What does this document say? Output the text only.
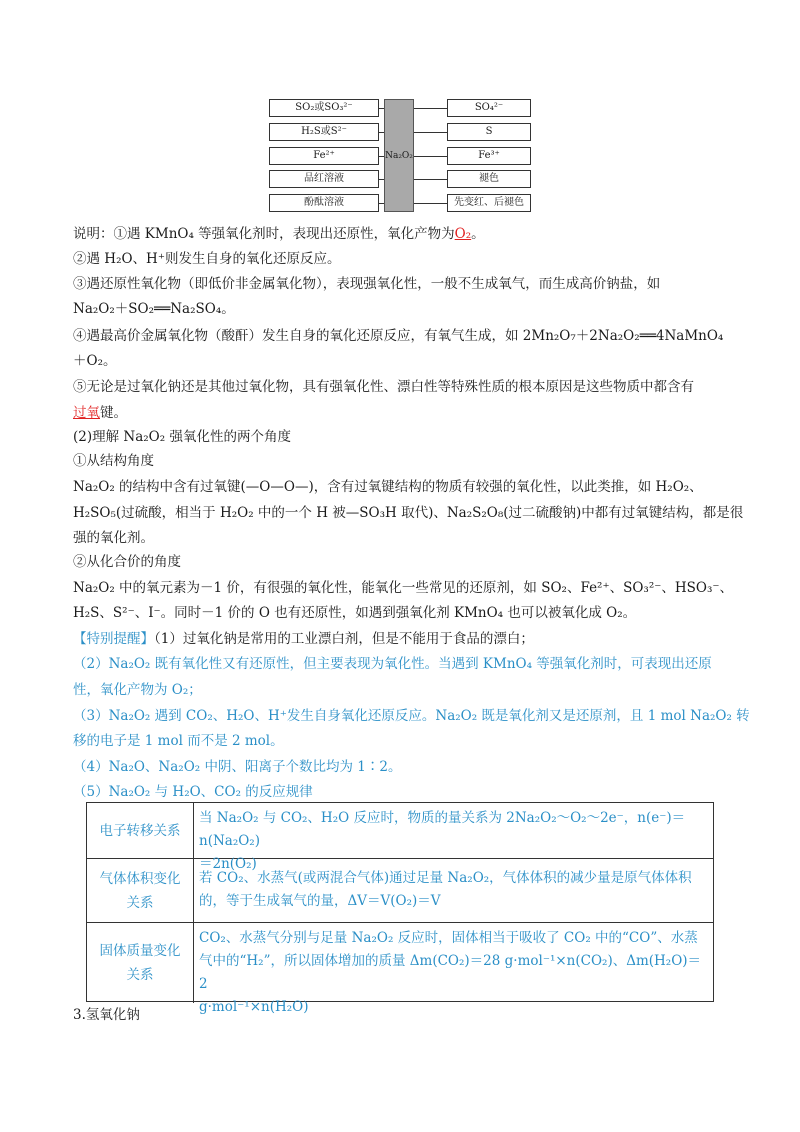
SO₂或SO₃²⁻
H₂S或S²⁻
Fe²⁺
品红溶液
酚酞溶液
Na₂O₂
SO₄²⁻
S
Fe³⁺
褪色
先变红、后褪色
说明：①遇 KMnO₄ 等强氧化剂时，表现出还原性，氧化产物为O₂。
②遇 H₂O、H⁺则发生自身的氧化还原反应。
③遇还原性氧化物（即低价非金属氧化物），表现强氧化性，一般不生成氧气，而生成高价钠盐，如
Na₂O₂＋SO₂══Na₂SO₄。
④遇最高价金属氧化物（酸酐）发生自身的氧化还原反应，有氧气生成，如 2Mn₂O₇＋2Na₂O₂══4NaMnO₄
＋O₂。
⑤无论是过氧化钠还是其他过氧化物，具有强氧化性、漂白性等特殊性质的根本原因是这些物质中都含有
过氧键。
(2)理解 Na₂O₂ 强氧化性的两个角度
①从结构角度
Na₂O₂ 的结构中含有过氧键(—O—O—)，含有过氧键结构的物质有较强的氧化性，以此类推，如 H₂O₂、
H₂SO₅(过硫酸，相当于 H₂O₂ 中的一个 H 被—SO₃H 取代)、Na₂S₂O₈(过二硫酸钠)中都有过氧键结构，都是很
强的氧化剂。
②从化合价的角度
Na₂O₂ 中的氧元素为－1 价，有很强的氧化性，能氧化一些常见的还原剂，如 SO₂、Fe²⁺、SO₃²⁻、HSO₃⁻、
H₂S、S²⁻、I⁻。同时－1 价的 O 也有还原性，如遇到强氧化剂 KMnO₄ 也可以被氧化成 O₂。
【特别提醒】（1）过氧化钠是常用的工业漂白剂，但是不能用于食品的漂白；
（2）Na₂O₂ 既有氧化性又有还原性，但主要表现为氧化性。当遇到 KMnO₄ 等强氧化剂时，可表现出还原
性，氧化产物为 O₂；
（3）Na₂O₂ 遇到 CO₂、H₂O、H⁺发生自身氧化还原反应。Na₂O₂ 既是氧化剂又是还原剂，且 1 mol Na₂O₂ 转
移的电子是 1 mol 而不是 2 mol。
（4）Na₂O、Na₂O₂ 中阴、阳离子个数比均为 1∶2。
（5）Na₂O₂ 与 H₂O、CO₂ 的反应规律
电子转移关系
当 Na₂O₂ 与 CO₂、H₂O 反应时，物质的量关系为 2Na₂O₂～O₂～2e⁻，n(e⁻)＝n(Na₂O₂)
＝2n(O₂)
气体体积变化
关系
若 CO₂、水蒸气(或两混合气体)通过足量 Na₂O₂，气体体积的减少量是原气体体积
的，等于生成氧气的量，ΔV＝V(O₂)＝V
固体质量变化
关系
CO₂、水蒸气分别与足量 Na₂O₂ 反应时，固体相当于吸收了 CO₂ 中的“CO”、水蒸
气中的“H₂”，所以固体增加的质量 Δm(CO₂)＝28 g·mol⁻¹×n(CO₂)、Δm(H₂O)＝2
g·mol⁻¹×n(H₂O)
3.氢氧化钠
